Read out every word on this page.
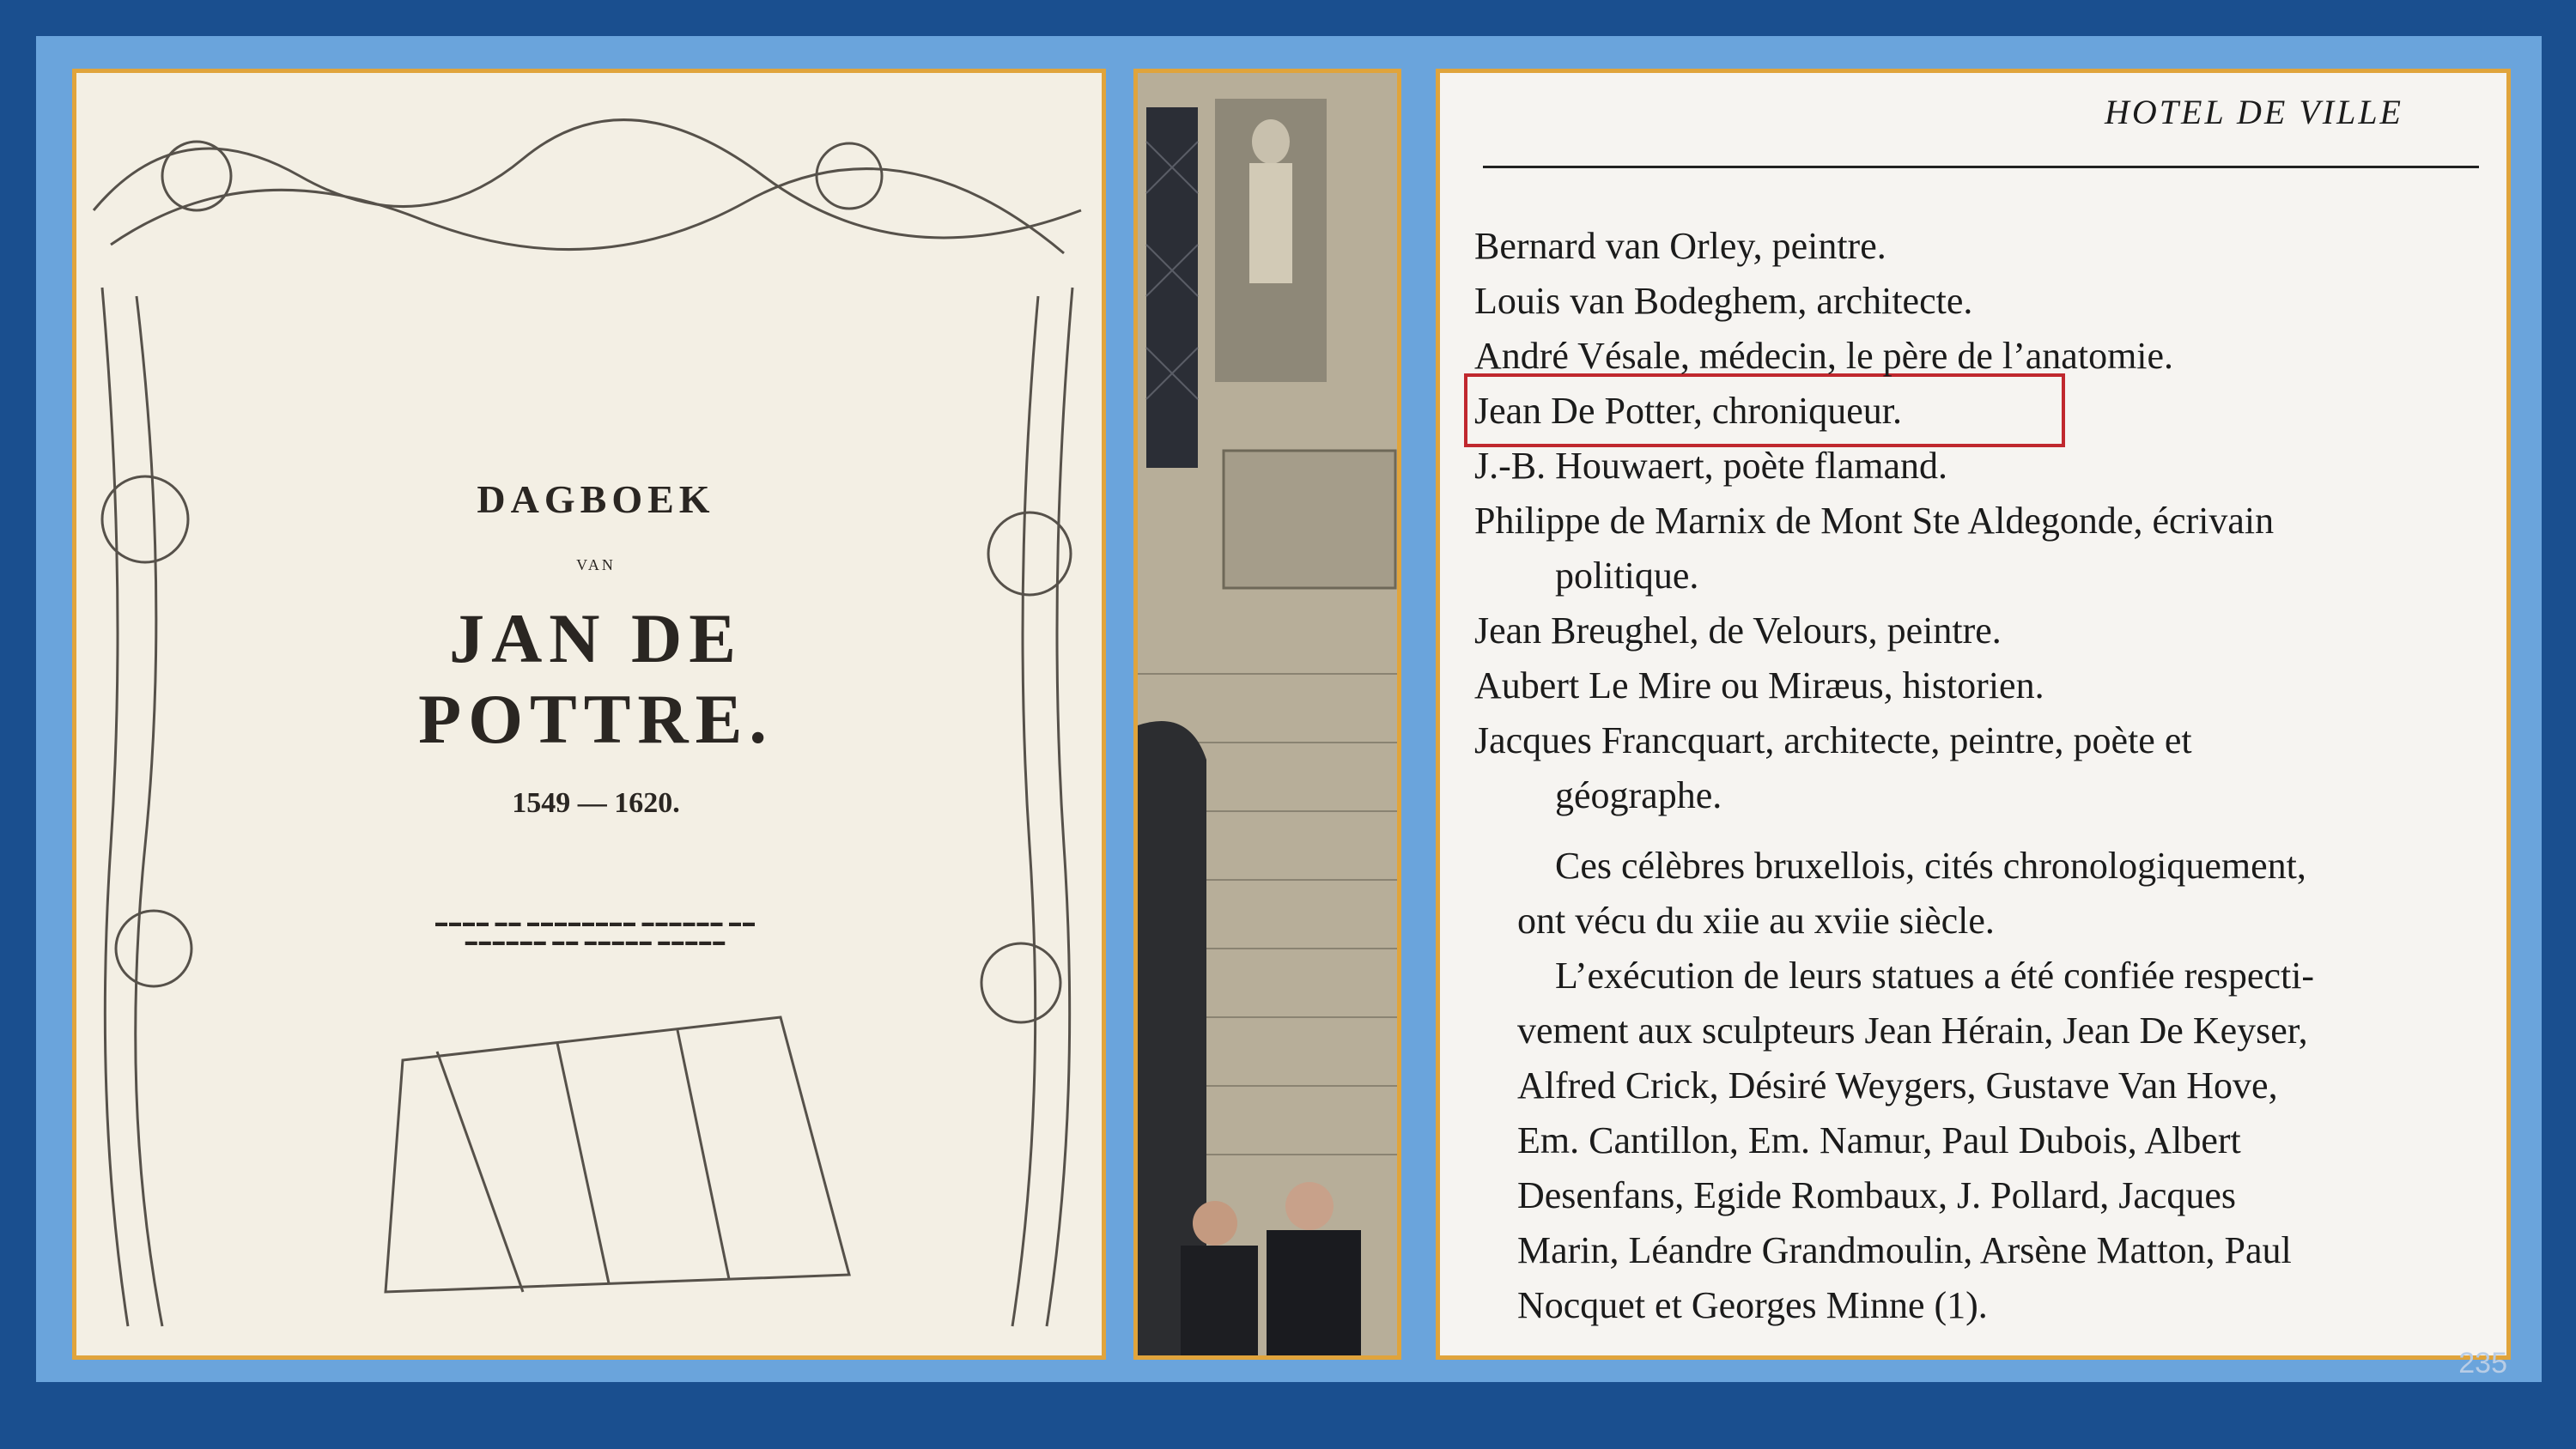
DAGBOEK
VAN
JAN DE POTTRE.
1549 — 1620.
▬▬▬▬ ▬▬ ▬▬▬▬▬▬▬▬ ▬▬▬▬▬▬ ▬▬
▬▬▬▬▬▬ ▬▬ ▬▬▬▬▬ ▬▬▬▬▬
HOTEL DE VILLE
Bernard van Orley, peintre.
Louis van Bodeghem, architecte.
André Vésale, médecin, le père de l’anatomie.
Jean De Potter, chroniqueur.
J.-B. Houwaert, poète flamand.
Philippe de Marnix de Mont Ste Aldegonde, écrivain
politique.
Jean Breughel, de Velours, peintre.
Aubert Le Mire ou Miræus, historien.
Jacques Francquart, architecte, peintre, poète et
géographe.
Ces célèbres bruxellois, cités chronologiquement,
ont vécu du xiie au xviie siècle.
L’exécution de leurs statues a été confiée respecti-
vement aux sculpteurs Jean Hérain, Jean De Keyser,
Alfred Crick, Désiré Weygers, Gustave Van Hove,
Em. Cantillon, Em. Namur, Paul Dubois, Albert
Desenfans, Egide Rombaux, J. Pollard, Jacques
Marin, Léandre Grandmoulin, Arsène Matton, Paul
Nocquet et Georges Minne (1).
235
